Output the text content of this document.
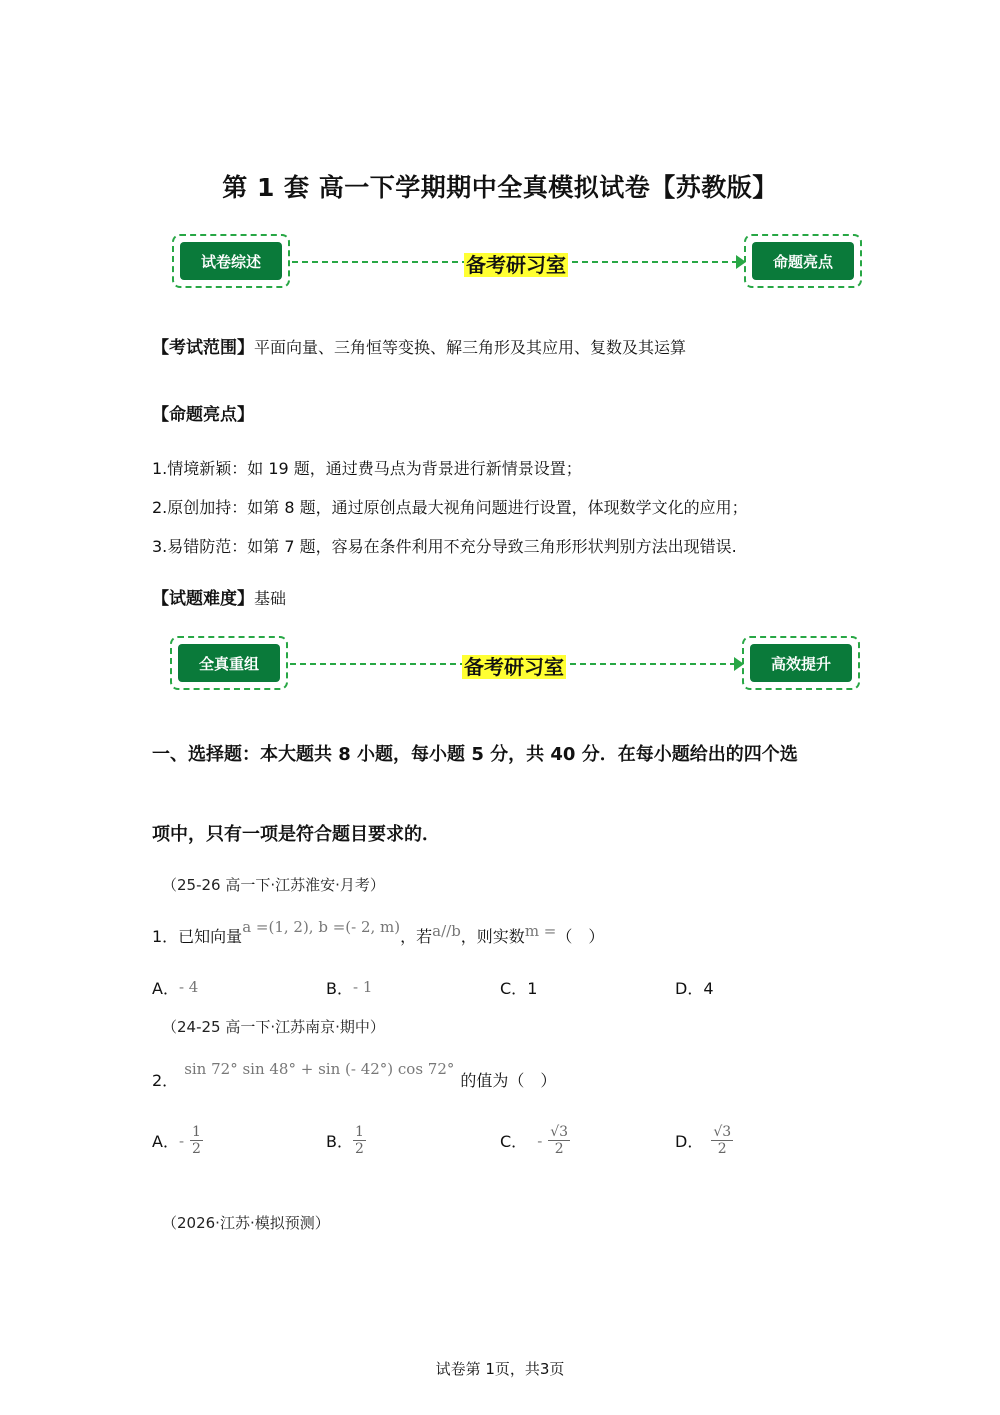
第 1 套 高一下学期期中全真模拟试卷【苏教版】
试卷综述	备考研习室	命题亮点
【考试范围】平面向量、三角恒等变换、解三角形及其应用、复数及其运算
【命题亮点】
1.情境新颖：如 19 题，通过费马点为背景进行新情景设置；
2.原创加持：如第 8 题，通过原创点最大视角问题进行设置，体现数学文化的应用；
3.易错防范：如第 7 题，容易在条件利用不充分导致三角形形状判别方法出现错误.
【试题难度】基础
全真重组	备考研习室	高效提升
一、选择题：本大题共 8 小题，每小题 5 分，共 40 分．在每小题给出的四个选
项中，只有一项是符合题目要求的．
（25-26 高一下·江苏淮安·月考）
1．已知向量a =(1, 2), b =(- 2, m)，若a//b，则实数m =（　）
A．- 4	B．- 1	C．1	D．4
（24-25 高一下·江苏南京·期中）
2．sin 72° sin 48° + sin (- 42°) cos 72°的值为（　）
A．- $\frac{1}{2}$	B． $\frac{1}{2}$	C． - $\frac{√3}{2}$	D． $\frac{√3}{2}$
（2026·江苏·模拟预测）
试卷第 1页，共3页
